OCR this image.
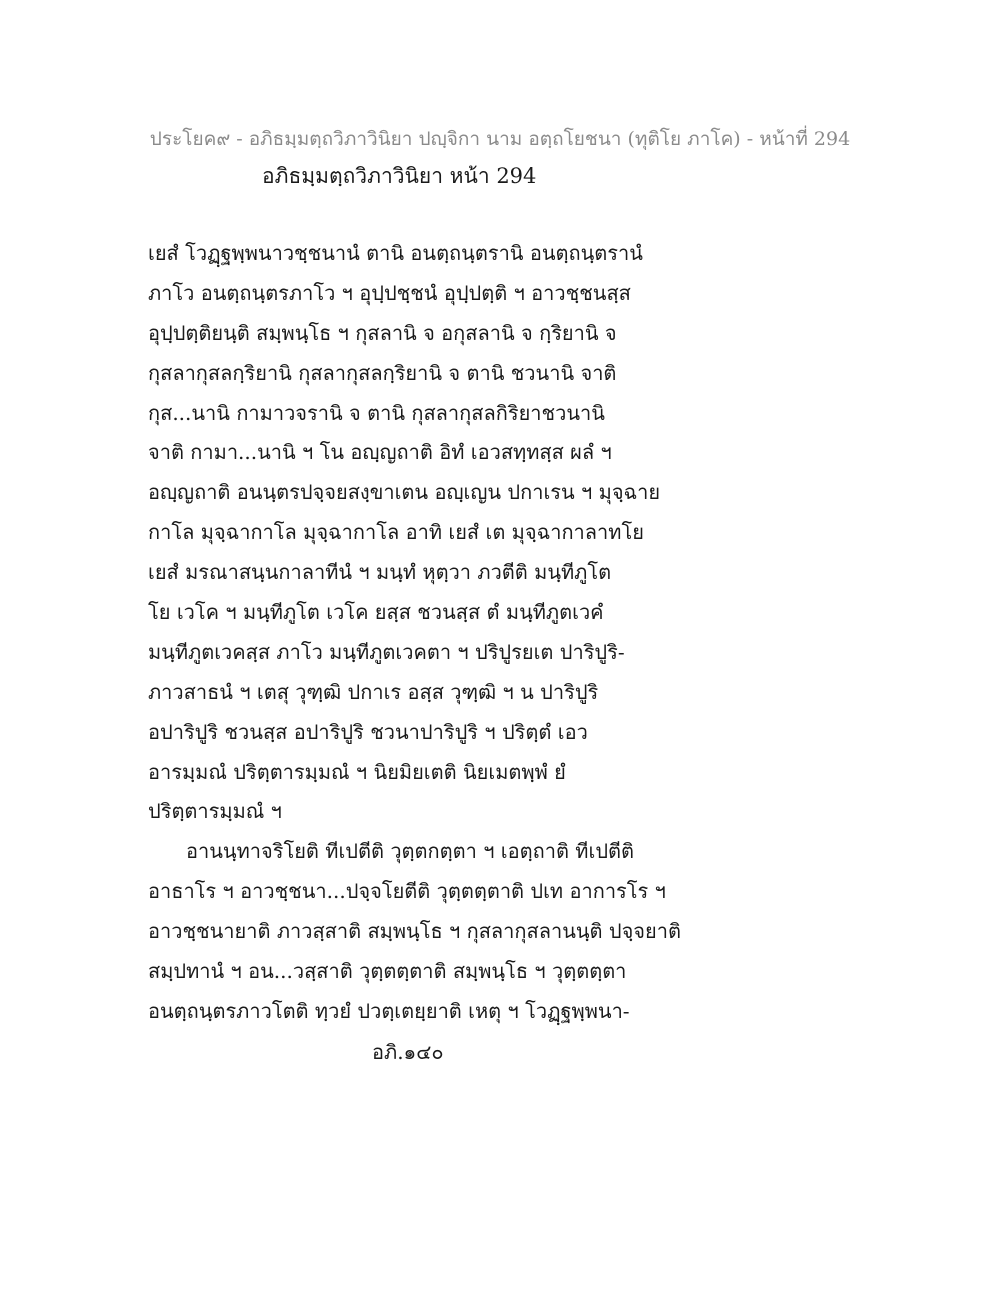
ประโยค๙ - อภิธมฺมตฺถวิภาวินิยา ปญฺจิกา นาม อตฺถโยชนา (ทุติโย ภาโค) - หน้าที่ 294
อภิธมฺมตฺถวิภาวินิยา หน้า 294
เยสํ โวฏฺฐพฺพนาวชฺชนานํ ตานิ อนตฺถนฺตรานิ อนตฺถนฺตรานํ
ภาโว อนตฺถนฺตรภาโว ฯ อุปฺปชฺชนํ อุปฺปตฺติ ฯ อาวชฺชนสฺส
อุปฺปตฺติยนฺติ สมฺพนฺโธ ฯ กุสลานิ จ อกุสลานิ จ กฺริยานิ จ
กุสลากุสลกฺริยานิ กุสลากุสลกฺริยานิ จ ตานิ ชวนานิ จาติ
กุส...นานิ กามาวจรานิ จ ตานิ กุสลากุสลกิริยาชวนานิ
จาติ กามา...นานิ ฯ โน อญฺญถาติ อิทํ เอวสทฺทสฺส ผลํ ฯ
อญฺญถาติ อนนฺตรปจฺจยสงฺขาเตน อญฺเญน ปกาเรน ฯ มุจฺฉาย
กาโล มุจฺฉากาโล มุจฺฉากาโล อาทิ เยสํ เต มุจฺฉากาลาทโย
เยสํ มรณาสนฺนกาลาทีนํ ฯ มนฺทํ หุตฺวา ภวตีติ มนฺทีภูโต
โย เวโค ฯ มนฺทีภูโต เวโค ยสฺส ชวนสฺส ตํ มนฺทีภูตเวคํ
มนฺทีภูตเวคสฺส ภาโว มนฺทีภูตเวคตา ฯ ปริปูรยเต ปาริปูริ-
ภาวสาธนํ ฯ เตสุ วุฑฺฒิ ปกาเร อสฺส วุฑฺฒิ ฯ น ปาริปูริ
อปาริปูริ ชวนสฺส อปาริปูริ ชวนาปาริปูริ ฯ ปริตฺตํ เอว
อารมฺมณํ ปริตฺตารมฺมณํ ฯ นิยมิยเตติ นิยเมตพฺพํ ยํ
ปริตฺตารมฺมณํ ฯ
อานนฺทาจริโยติ ทีเปตีติ วุตฺตกตฺตา ฯ เอตฺถาติ ทีเปตีติ
อาธาโร ฯ อาวชฺชนา...ปจฺจโยตีติ วุตฺตตฺตาติ ปเท อาการโร ฯ
อาวชฺชนายาติ ภาวสฺสาติ สมฺพนฺโธ ฯ กุสลากุสลานนฺติ ปจฺจยาติ
สมฺปทานํ ฯ อน...วสฺสาติ วุตฺตตฺตาติ สมฺพนฺโธ ฯ วุตฺตตฺตา
อนตฺถนฺตรภาวโตติ ทฺวยํ ปวตฺเตยฺยาติ เหตุ ฯ โวฏฺฐพฺพนา-
อภิ.๑๔๐
